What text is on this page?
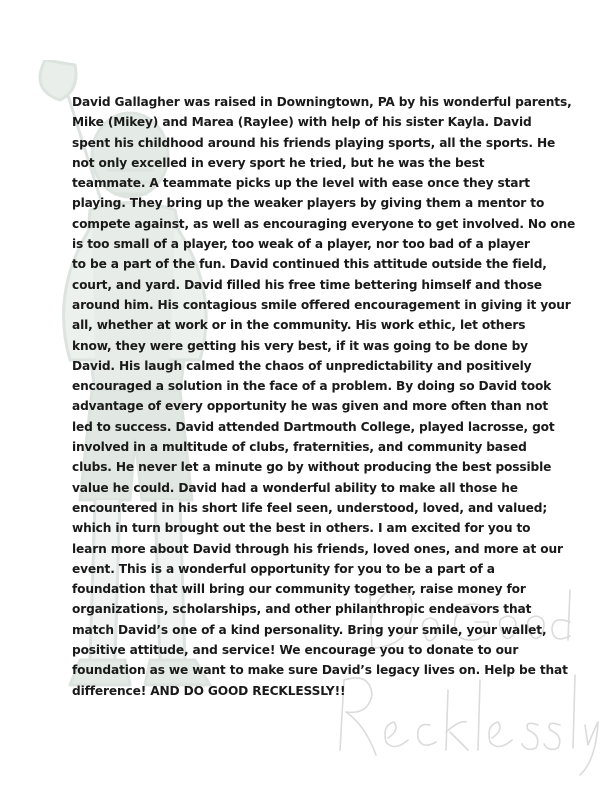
David Gallagher was raised in Downingtown, PA by his wonderful parents,
Mike (Mikey) and Marea (Raylee) with help of his sister Kayla. David
spent his childhood around his friends playing sports, all the sports. He
not only excelled in every sport he tried, but he was the best
teammate. A teammate picks up the level with ease once they start
playing. They bring up the weaker players by giving them a mentor to
compete against, as well as encouraging everyone to get involved. No one
is too small of a player, too weak of a player, nor too bad of a player
to be a part of the fun. David continued this attitude outside the field,
court, and yard. David filled his free time bettering himself and those
around him. His contagious smile offered encouragement in giving it your
all, whether at work or in the community. His work ethic, let others
know, they were getting his very best, if it was going to be done by
David. His laugh calmed the chaos of unpredictability and positively
encouraged a solution in the face of a problem. By doing so David took
advantage of every opportunity he was given and more often than not
led to success. David attended Dartmouth College, played lacrosse, got
involved in a multitude of clubs, fraternities, and community based
clubs. He never let a minute go by without producing the best possible
value he could. David had a wonderful ability to make all those he
encountered in his short life feel seen, understood, loved, and valued;
which in turn brought out the best in others. I am excited for you to
learn more about David through his friends, loved ones, and more at our
event. This is a wonderful opportunity for you to be a part of a
foundation that will bring our community together, raise money for
organizations, scholarships, and other philanthropic endeavors that
match David’s one of a kind personality. Bring your smile, your wallet,
positive attitude, and service! We encourage you to donate to our
foundation as we want to make sure David’s legacy lives on. Help be that
difference! AND DO GOOD RECKLESSLY!!
